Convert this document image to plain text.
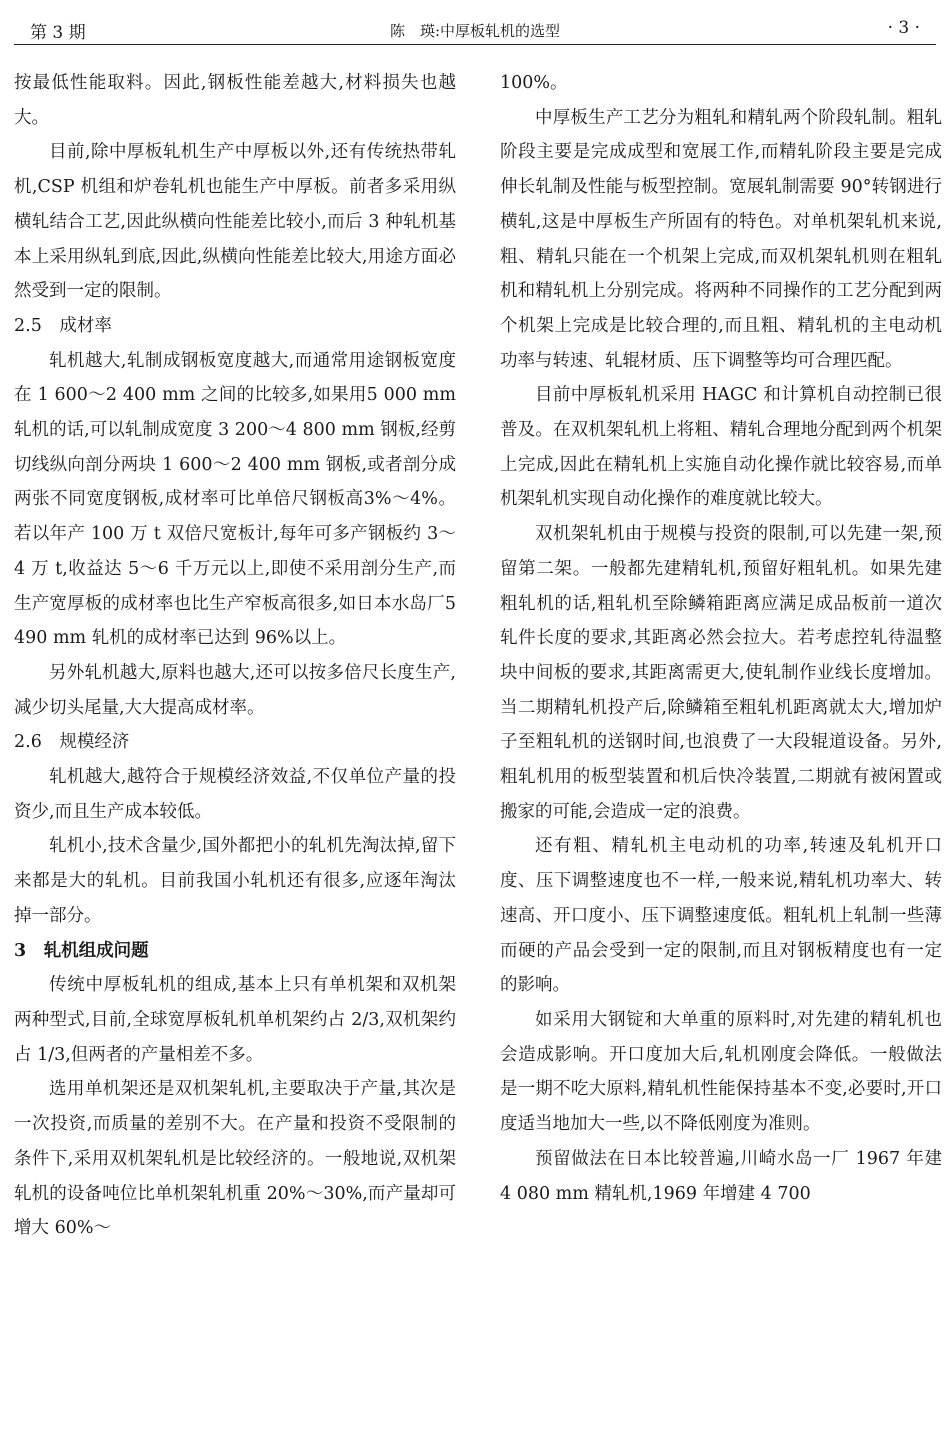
第 3 期	陈　瑛:中厚板轧机的选型	· 3 ·

按最低性能取料。因此,钢板性能差越大,材料损失也越大。

目前,除中厚板轧机生产中厚板以外,还有传统热带轧机,CSP 机组和炉卷轧机也能生产中厚板。前者多采用纵横轧结合工艺,因此纵横向性能差比较小,而后 3 种轧机基本上采用纵轧到底,因此,纵横向性能差比较大,用途方面必然受到一定的限制。

2.5　成材率

轧机越大,轧制成钢板宽度越大,而通常用途钢板宽度在 1 600～2 400 mm 之间的比较多,如果用5 000 mm轧机的话,可以轧制成宽度 3 200～4 800 mm 钢板,经剪切线纵向剖分两块 1 600～2 400 mm 钢板,或者剖分成两张不同宽度钢板,成材率可比单倍尺钢板高3%～4%。若以年产 100 万 t 双倍尺宽板计,每年可多产钢板约 3～4 万 t,收益达 5～6 千万元以上,即使不采用剖分生产,而生产宽厚板的成材率也比生产窄板高很多,如日本水岛厂5 490 mm 轧机的成材率已达到 96%以上。

另外轧机越大,原料也越大,还可以按多倍尺长度生产,减少切头尾量,大大提高成材率。

2.6　规模经济

轧机越大,越符合于规模经济效益,不仅单位产量的投资少,而且生产成本较低。

轧机小,技术含量少,国外都把小的轧机先淘汰掉,留下来都是大的轧机。目前我国小轧机还有很多,应逐年淘汰掉一部分。

3　轧机组成问题

传统中厚板轧机的组成,基本上只有单机架和双机架两种型式,目前,全球宽厚板轧机单机架约占 2/3,双机架约占 1/3,但两者的产量相差不多。

选用单机架还是双机架轧机,主要取决于产量,其次是一次投资,而质量的差别不大。在产量和投资不受限制的条件下,采用双机架轧机是比较经济的。一般地说,双机架轧机的设备吨位比单机架轧机重 20%～30%,而产量却可增大 60%～

100%。

中厚板生产工艺分为粗轧和精轧两个阶段轧制。粗轧阶段主要是完成成型和宽展工作,而精轧阶段主要是完成伸长轧制及性能与板型控制。宽展轧制需要 90°转钢进行横轧,这是中厚板生产所固有的特色。对单机架轧机来说,粗、精轧只能在一个机架上完成,而双机架轧机则在粗轧机和精轧机上分别完成。将两种不同操作的工艺分配到两个机架上完成是比较合理的,而且粗、精轧机的主电动机功率与转速、轧辊材质、压下调整等均可合理匹配。

目前中厚板轧机采用 HAGC 和计算机自动控制已很普及。在双机架轧机上将粗、精轧合理地分配到两个机架上完成,因此在精轧机上实施自动化操作就比较容易,而单机架轧机实现自动化操作的难度就比较大。

双机架轧机由于规模与投资的限制,可以先建一架,预留第二架。一般都先建精轧机,预留好粗轧机。如果先建粗轧机的话,粗轧机至除鳞箱距离应满足成品板前一道次轧件长度的要求,其距离必然会拉大。若考虑控轧待温整块中间板的要求,其距离需更大,使轧制作业线长度增加。当二期精轧机投产后,除鳞箱至粗轧机距离就太大,增加炉子至粗轧机的送钢时间,也浪费了一大段辊道设备。另外,粗轧机用的板型装置和机后快冷装置,二期就有被闲置或搬家的可能,会造成一定的浪费。

还有粗、精轧机主电动机的功率,转速及轧机开口度、压下调整速度也不一样,一般来说,精轧机功率大、转速高、开口度小、压下调整速度低。粗轧机上轧制一些薄而硬的产品会受到一定的限制,而且对钢板精度也有一定的影响。

如采用大钢锭和大单重的原料时,对先建的精轧机也会造成影响。开口度加大后,轧机刚度会降低。一般做法是一期不吃大原料,精轧机性能保持基本不变,必要时,开口度适当地加大一些,以不降低刚度为准则。

预留做法在日本比较普遍,川崎水岛一厂 1967 年建 4 080 mm 精轧机,1969 年增建 4 700
